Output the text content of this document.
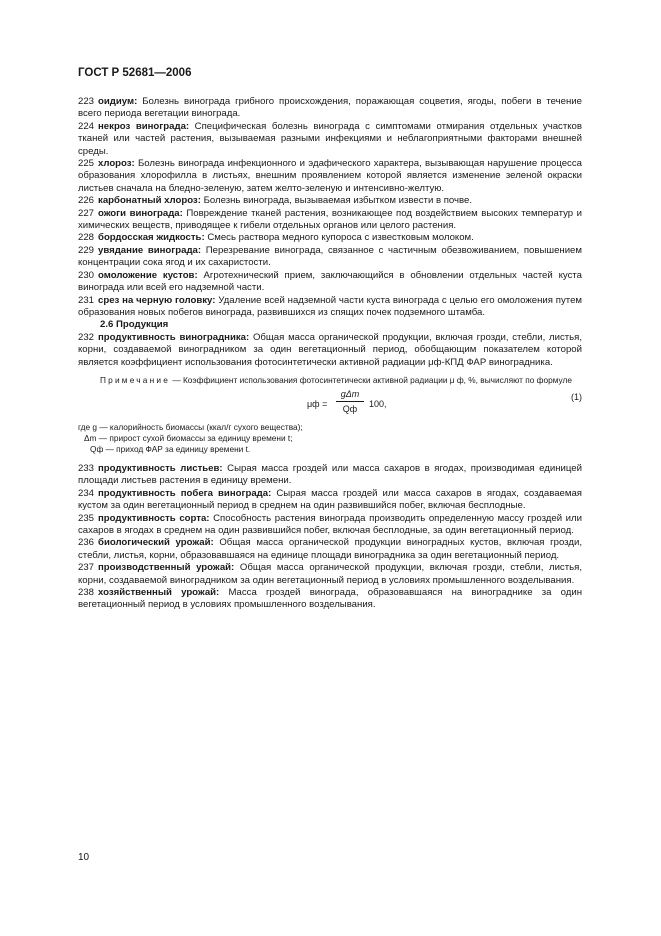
ГОСТ Р 52681—2006

223 оидиум: Болезнь винограда грибного происхождения, поражающая соцветия, ягоды, побеги в течение всего периода вегетации винограда.

224 некроз винограда: Специфическая болезнь винограда с симптомами отмирания отдельных участков тканей или частей растения, вызываемая разными инфекциями и неблагоприятными факторами внешней среды.

225 хлороз: Болезнь винограда инфекционного и эдафического характера, вызывающая нарушение процесса образования хлорофилла в листьях, внешним проявлением которой является изменение зеленой окраски листьев сначала на бледно-зеленую, затем желто-зеленую и интенсивно-желтую.

226 карбонатный хлороз: Болезнь винограда, вызываемая избытком извести в почве.

227 ожоги винограда: Повреждение тканей растения, возникающее под воздействием высоких температур и химических веществ, приводящее к гибели отдельных органов или целого растения.

228 бордосская жидкость: Смесь раствора медного купороса с известковым молоком.

229 увядание винограда: Перезревание винограда, связанное с частичным обезвоживанием, повышением концентрации сока ягод и их сахаристости.

230 омоложение кустов: Агротехнический прием, заключающийся в обновлении отдельных частей куста винограда или всей его надземной части.

231 срез на черную головку: Удаление всей надземной части куста винограда с целью его омоложения путем образования новых побегов винограда, развившихся из спящих почек подземного штамба.

2.6 Продукция

232 продуктивность виноградника: Общая масса органической продукции, включая грозди, стебли, листья, корни, создаваемой виноградником за один вегетационный период, обобщающим показателем которой является коэффициент использования фотосинтетически активной радиации μф-КПД ФАР виноградника.

Примечание — Коэффициент использования фотосинтетически активной радиации μ ф, %, вычисляют по формуле

μф =
gΔm
Qф
100,
(1)
где g — калорийность биомассы (ккал/г сухого вещества);
Δm — прирост сухой биомассы за единицу времени t;
Qф — приход ФАР за единицу времени t.

233 продуктивность листьев: Сырая масса гроздей или масса сахаров в ягодах, производимая единицей площади листьев растения в единицу времени.

234 продуктивность побега винограда: Сырая масса гроздей или масса сахаров в ягодах, создаваемая кустом за один вегетационный период в среднем на один развившийся побег, включая бесплодные.

235 продуктивность сорта: Способность растения винограда производить определенную массу гроздей или сахаров в ягодах в среднем на один развившийся побег, включая бесплодные, за один вегетационный период.

236 биологический урожай: Общая масса органической продукции виноградных кустов, включая грозди, стебли, листья, корни, образовавшаяся на единице площади виноградника за один вегетационный период.

237 производственный урожай: Общая масса органической продукции, включая грозди, стебли, листья, корни, создаваемой виноградником за один вегетационный период в условиях промышленного возделывания.

238 хозяйственный урожай: Масса гроздей винограда, образовавшаяся на винограднике за один вегетационный период в условиях промышленного возделывания.

10
